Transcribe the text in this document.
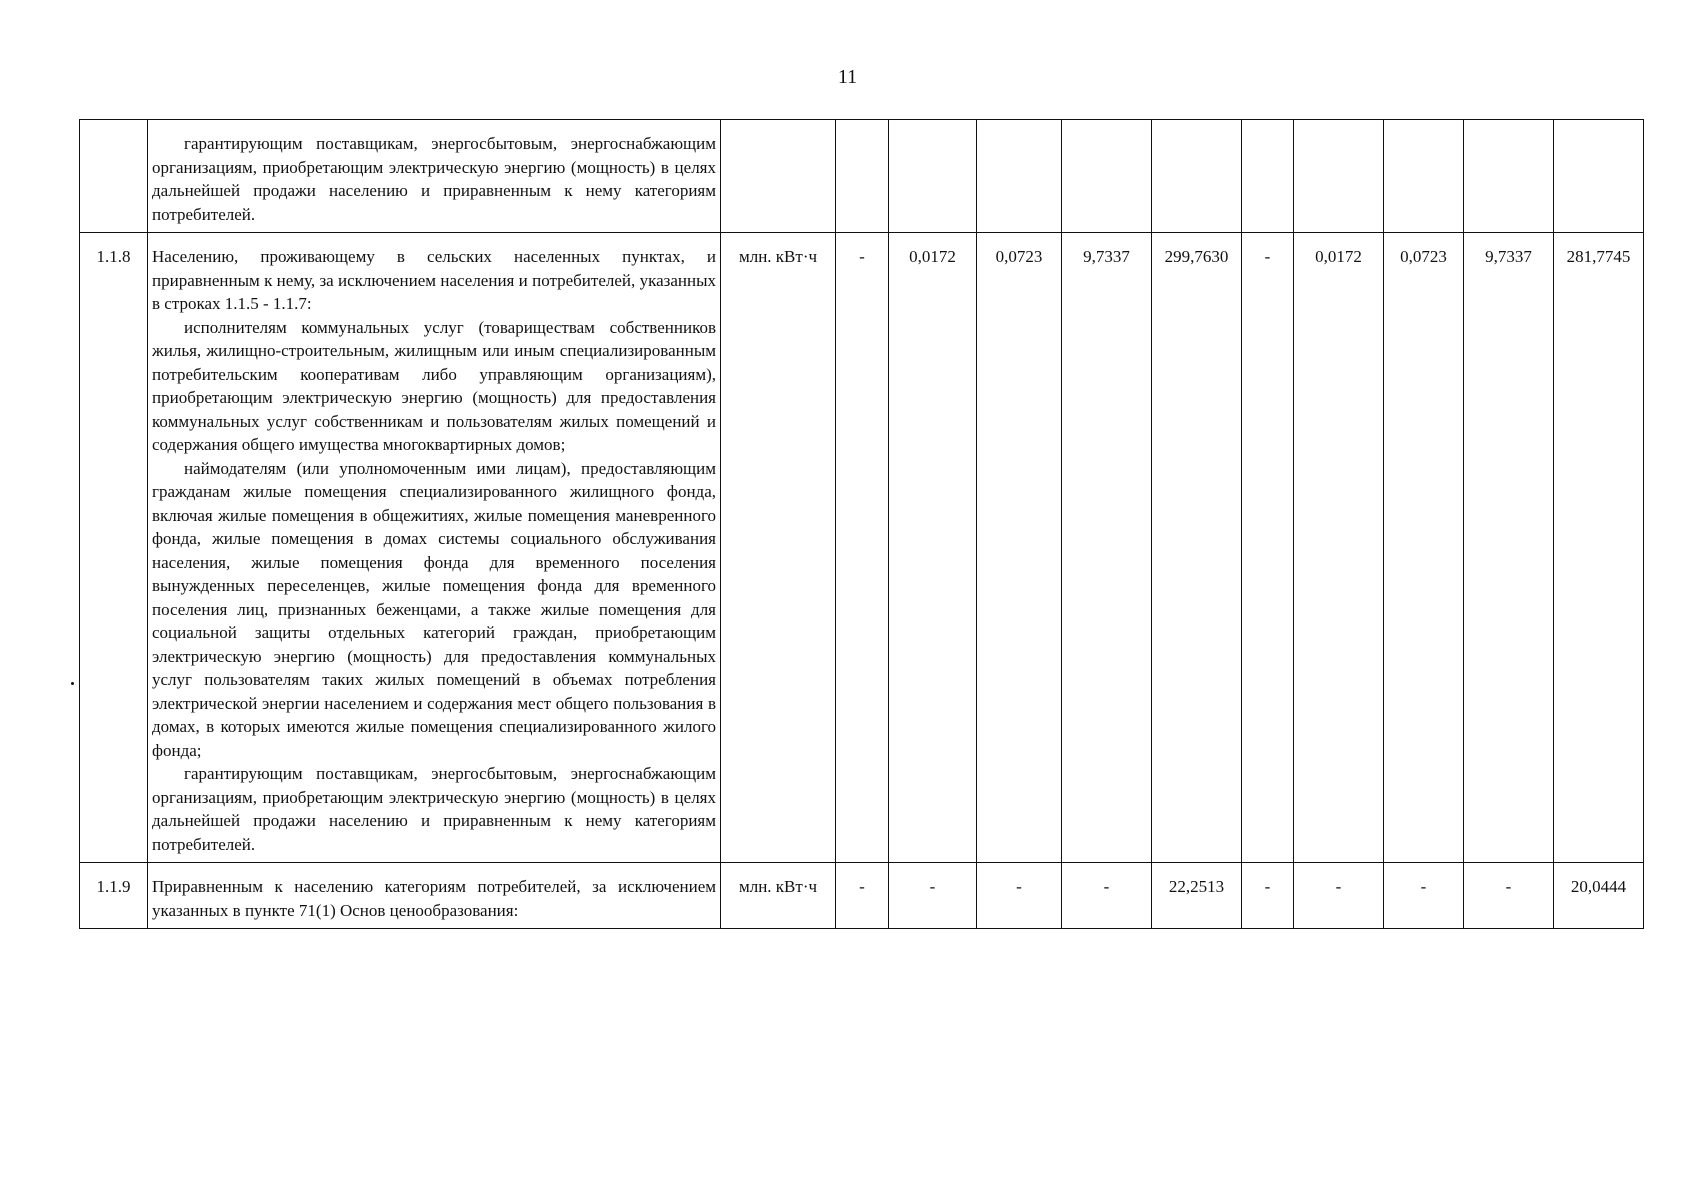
11

	гарантирующим поставщикам, энергосбытовым, энергоснабжающим организациям, приобретающим электрическую энергию (мощность) в целях дальнейшей продажи населению и приравненным к нему категориям потребителей.											

1.1.8	Населению, проживающему в сельских населенных пунктах, и приравненным к нему, за исключением населения и потребителей, указанных в строках 1.1.5 - 1.1.7:

исполнителям коммунальных услуг (товариществам собственников жилья, жилищно-строительным, жилищным или иным специализированным потребительским кооперативам либо управляющим организациям), приобретающим электрическую энергию (мощность) для предоставления коммунальных услуг собственникам и пользователям жилых помещений и содержания общего имущества многоквартирных домов;

наймодателям (или уполномоченным ими лицам), предоставляющим гражданам жилые помещения специализированного жилищного фонда, включая жилые помещения в общежитиях, жилые помещения маневренного фонда, жилые помещения в домах системы социального обслуживания населения, жилые помещения фонда для временного поселения вынужденных переселенцев, жилые помещения фонда для временного поселения лиц, признанных беженцами, а также жилые помещения для социальной защиты отдельных категорий граждан, приобретающим электрическую энергию (мощность) для предоставления коммунальных услуг пользователям таких жилых помещений в объемах потребления электрической энергии населением и содержания мест общего пользования в домах, в которых имеются жилые помещения специализированного жилого фонда;

гарантирующим поставщикам, энергосбытовым, энергоснабжающим организациям, приобретающим электрическую энергию (мощность) в целях дальнейшей продажи населению и приравненным к нему категориям потребителей.	млн. кВт·ч	-	0,0172	0,0723	9,7337	299,7630	-	0,0172	0,0723	9,7337	281,7745
1.1.9	Приравненным к населению категориям потребителей, за исключением указанных в пункте 71(1) Основ ценообразования:	млн. кВт·ч	-	-	-	-	22,2513	-	-	-	-	20,0444
